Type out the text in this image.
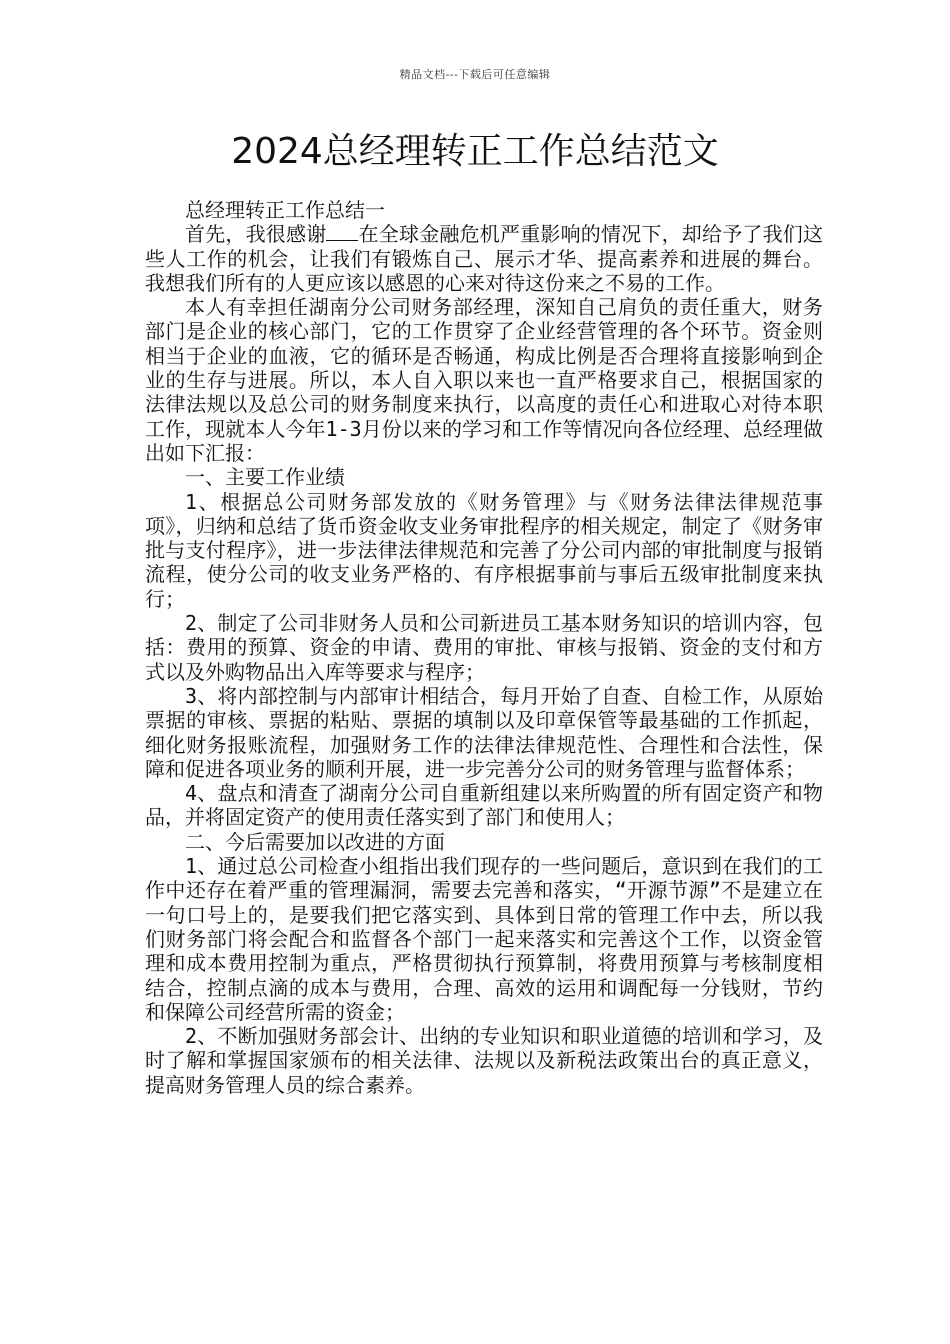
精品文档---下载后可任意编辑
2024总经理转正工作总结范文

总经理转正工作总结一

首先，我很感谢 在全球金融危机严重影响的情况下，却给予了我们这些人工作的机会，让我们有锻炼自己、展示才华、提高素养和进展的舞台。我想我们所有的人更应该以感恩的心来对待这份来之不易的工作。

本人有幸担任湖南分公司财务部经理，深知自己肩负的责任重大，财务部门是企业的核心部门，它的工作贯穿了企业经营管理的各个环节。资金则相当于企业的血液，它的循环是否畅通，构成比例是否合理将直接影响到企业的生存与进展。所以，本人自入职以来也一直严格要求自己，根据国家的法律法规以及总公司的财务制度来执行，以高度的责任心和进取心对待本职工作，现就本人今年1-3月份以来的学习和工作等情况向各位经理、总经理做出如下汇报：

一、主要工作业绩

1、根据总公司财务部发放的《财务管理》与《财务法律法律规范事项》，归纳和总结了货币资金收支业务审批程序的相关规定，制定了《财务审批与支付程序》，进一步法律法律规范和完善了分公司内部的审批制度与报销流程，使分公司的收支业务严格的、有序根据事前与事后五级审批制度来执行；

2、制定了公司非财务人员和公司新进员工基本财务知识的培训内容，包括：费用的预算、资金的申请、费用的审批、审核与报销、资金的支付和方式以及外购物品出入库等要求与程序；

3、将内部控制与内部审计相结合，每月开始了自查、自检工作，从原始票据的审核、票据的粘贴、票据的填制以及印章保管等最基础的工作抓起，细化财务报账流程，加强财务工作的法律法律规范性、合理性和合法性，保障和促进各项业务的顺利开展，进一步完善分公司的财务管理与监督体系；

4、盘点和清查了湖南分公司自重新组建以来所购置的所有固定资产和物品，并将固定资产的使用责任落实到了部门和使用人；

二、今后需要加以改进的方面

1、通过总公司检查小组指出我们现存的一些问题后，意识到在我们的工作中还存在着严重的管理漏洞，需要去完善和落实，“开源节源”不是建立在一句口号上的，是要我们把它落实到、具体到日常的管理工作中去，所以我们财务部门将会配合和监督各个部门一起来落实和完善这个工作，以资金管理和成本费用控制为重点，严格贯彻执行预算制，将费用预算与考核制度相结合，控制点滴的成本与费用，合理、高效的运用和调配每一分钱财，节约和保障公司经营所需的资金；

2、不断加强财务部会计、出纳的专业知识和职业道德的培训和学习，及时了解和掌握国家颁布的相关法律、法规以及新税法政策出台的真正意义，提高财务管理人员的综合素养。
